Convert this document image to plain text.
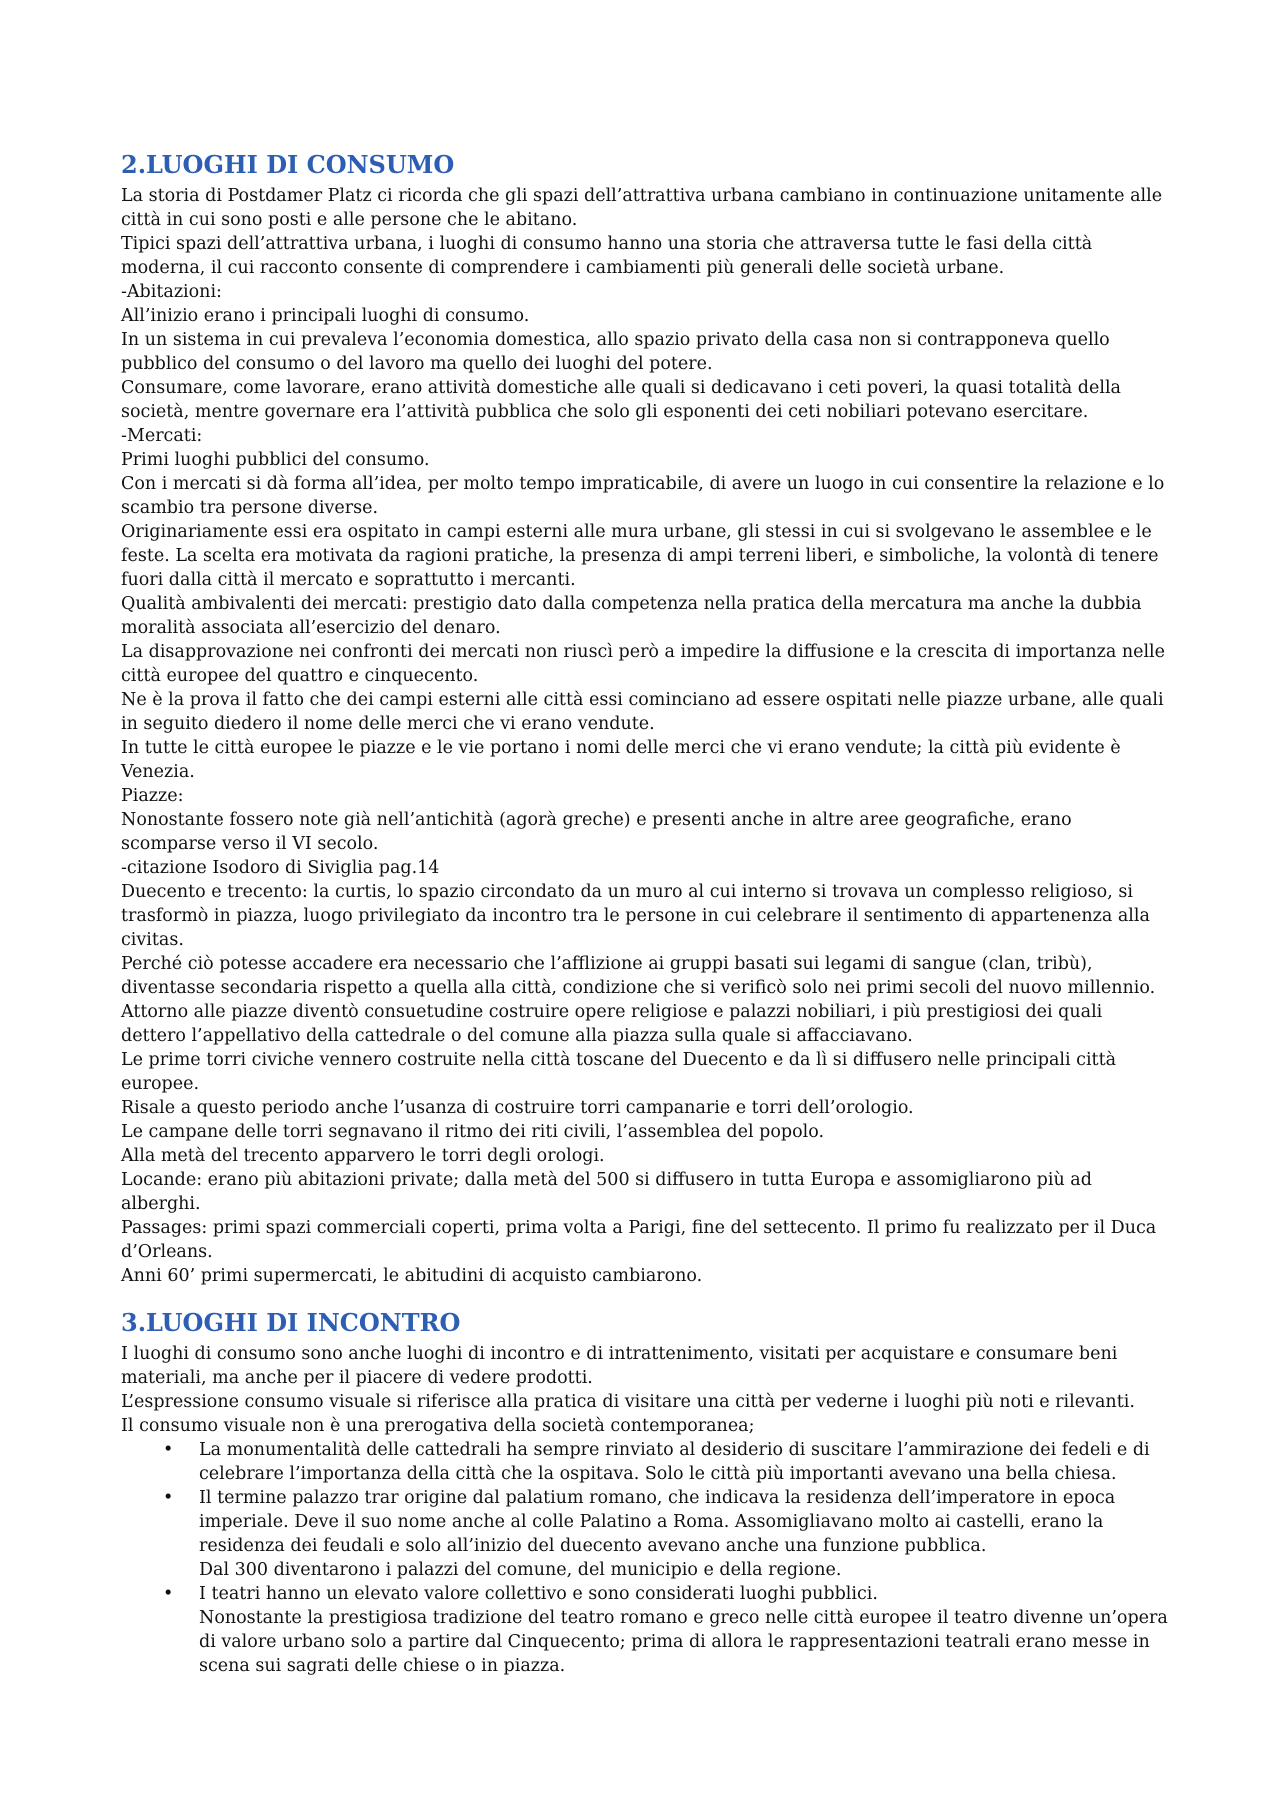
2.LUOGHI DI CONSUMO

La storia di Postdamer Platz ci ricorda che gli spazi dell’attrattiva urbana cambiano in continuazione unitamente alle città in cui sono posti e alle persone che le abitano.

Tipici spazi dell’attrattiva urbana, i luoghi di consumo hanno una storia che attraversa tutte le fasi della città moderna, il cui racconto consente di comprendere i cambiamenti più generali delle società urbane.

-Abitazioni:

All’inizio erano i principali luoghi di consumo.

In un sistema in cui prevaleva l’economia domestica, allo spazio privato della casa non si contrapponeva quello pubblico del consumo o del lavoro ma quello dei luoghi del potere.

Consumare, come lavorare, erano attività domestiche alle quali si dedicavano i ceti poveri, la quasi totalità della società, mentre governare era l’attività pubblica che solo gli esponenti dei ceti nobiliari potevano esercitare.

-Mercati:

Primi luoghi pubblici del consumo.

Con i mercati si dà forma all’idea, per molto tempo impraticabile, di avere un luogo in cui consentire la relazione e lo scambio tra persone diverse.

Originariamente essi era ospitato in campi esterni alle mura urbane, gli stessi in cui si svolgevano le assemblee e le feste. La scelta era motivata da ragioni pratiche, la presenza di ampi terreni liberi, e simboliche, la volontà di tenere fuori dalla città il mercato e soprattutto i mercanti.

Qualità ambivalenti dei mercati: prestigio dato dalla competenza nella pratica della mercatura ma anche la dubbia moralità associata all’esercizio del denaro.

La disapprovazione nei confronti dei mercati non riuscì però a impedire la diffusione e la crescita di importanza nelle città europee del quattro e cinquecento.

Ne è la prova il fatto che dei campi esterni alle città essi cominciano ad essere ospitati nelle piazze urbane, alle quali in seguito diedero il nome delle merci che vi erano vendute.

In tutte le città europee le piazze e le vie portano i nomi delle merci che vi erano vendute; la città più evidente è Venezia.

Piazze:

Nonostante fossero note già nell’antichità (agorà greche) e presenti anche in altre aree geografiche, erano scomparse verso il VI secolo.

-citazione Isodoro di Siviglia pag.14

Duecento e trecento: la curtis, lo spazio circondato da un muro al cui interno si trovava un complesso religioso, si trasformò in piazza, luogo privilegiato da incontro tra le persone in cui celebrare il sentimento di appartenenza alla civitas.

Perché ciò potesse accadere era necessario che l’afflizione ai gruppi basati sui legami di sangue (clan, tribù), diventasse secondaria rispetto a quella alla città, condizione che si verificò solo nei primi secoli del nuovo millennio.

Attorno alle piazze diventò consuetudine costruire opere religiose e palazzi nobiliari, i più prestigiosi dei quali dettero l’appellativo della cattedrale o del comune alla piazza sulla quale si affacciavano.

Le prime torri civiche vennero costruite nella città toscane del Duecento e da lì si diffusero nelle principali città europee.

Risale a questo periodo anche l’usanza di costruire torri campanarie e torri dell’orologio.

Le campane delle torri segnavano il ritmo dei riti civili, l’assemblea del popolo.

Alla metà del trecento apparvero le torri degli orologi.

Locande: erano più abitazioni private; dalla metà del 500 si diffusero in tutta Europa e assomigliarono più ad alberghi.

Passages: primi spazi commerciali coperti, prima volta a Parigi, fine del settecento. Il primo fu realizzato per il Duca d’Orleans.

Anni 60’ primi supermercati, le abitudini di acquisto cambiarono.

3.LUOGHI DI INCONTRO

I luoghi di consumo sono anche luoghi di incontro e di intrattenimento, visitati per acquistare e consumare beni materiali, ma anche per il piacere di vedere prodotti.

L’espressione consumo visuale si riferisce alla pratica di visitare una città per vederne i luoghi più noti e rilevanti.

Il consumo visuale non è una prerogativa della società contemporanea;

• La monumentalità delle cattedrali ha sempre rinviato al desiderio di suscitare l’ammirazione dei fedeli e di celebrare l’importanza della città che la ospitava. Solo le città più importanti avevano una bella chiesa.

• Il termine palazzo trar origine dal palatium romano, che indicava la residenza dell’imperatore in epoca imperiale. Deve il suo nome anche al colle Palatino a Roma. Assomigliavano molto ai castelli, erano la residenza dei feudali e solo all’inizio del duecento avevano anche una funzione pubblica.

Dal 300 diventarono i palazzi del comune, del municipio e della regione.

• I teatri hanno un elevato valore collettivo e sono considerati luoghi pubblici.

Nonostante la prestigiosa tradizione del teatro romano e greco nelle città europee il teatro divenne un’opera di valore urbano solo a partire dal Cinquecento; prima di allora le rappresentazioni teatrali erano messe in scena sui sagrati delle chiese o in piazza.
